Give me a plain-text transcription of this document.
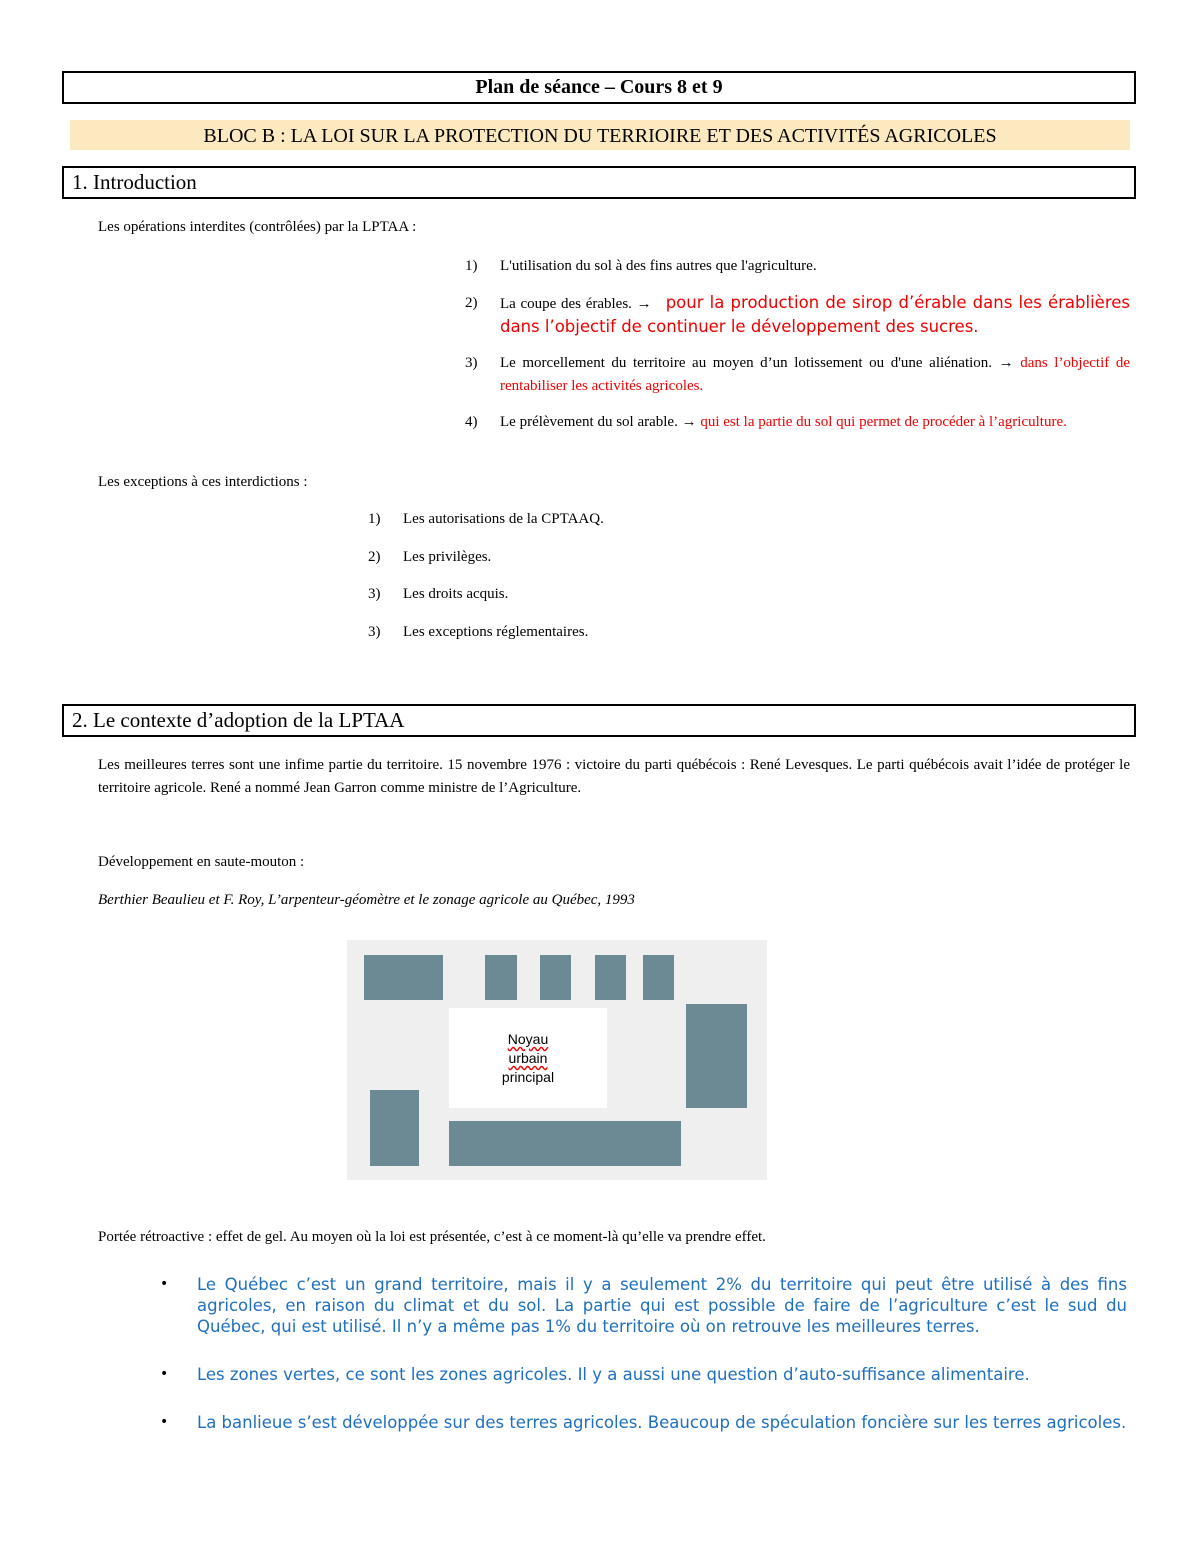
Plan de séance – Cours 8 et 9
BLOC B : LA LOI SUR LA PROTECTION DU TERRIOIRE ET DES ACTIVITÉS AGRICOLES
1. Introduction
Les opérations interdites (contrôlées) par la LPTAA :
1) L'utilisation du sol à des fins autres que l'agriculture.
2) La coupe des érables. → pour la production de sirop d’érable dans les érablières dans l’objectif de continuer le développement des sucres.
3) Le morcellement du territoire au moyen d’un lotissement ou d'une aliénation. → dans l’objectif de rentabiliser les activités agricoles.
4) Le prélèvement du sol arable. → qui est la partie du sol qui permet de procéder à l’agriculture.
Les exceptions à ces interdictions :
1) Les autorisations de la CPTAAQ.
2) Les privilèges.
3) Les droits acquis.
3) Les exceptions réglementaires.
2. Le contexte d’adoption de la LPTAA
Les meilleures terres sont une infime partie du territoire. 15 novembre 1976 : victoire du parti québécois : René Levesques. Le parti québécois avait l’idée de protéger le territoire agricole. René a nommé Jean Garron comme ministre de l’Agriculture.
Développement en saute-mouton :
Berthier Beaulieu et F. Roy, L’arpenteur-géomètre et le zonage agricole au Québec, 1993
Noyau
urbain
principal
Portée rétroactive : effet de gel. Au moyen où la loi est présentée, c’est à ce moment-là qu’elle va prendre effet.
• Le Québec c’est un grand territoire, mais il y a seulement 2% du territoire qui peut être utilisé à des fins agricoles, en raison du climat et du sol. La partie qui est possible de faire de l’agriculture c’est le sud du Québec, qui est utilisé. Il n’y a même pas 1% du territoire où on retrouve les meilleures terres.
• Les zones vertes, ce sont les zones agricoles. Il y a aussi une question d’auto-suffisance alimentaire.
• La banlieue s’est développée sur des terres agricoles. Beaucoup de spéculation foncière sur les terres agricoles.
